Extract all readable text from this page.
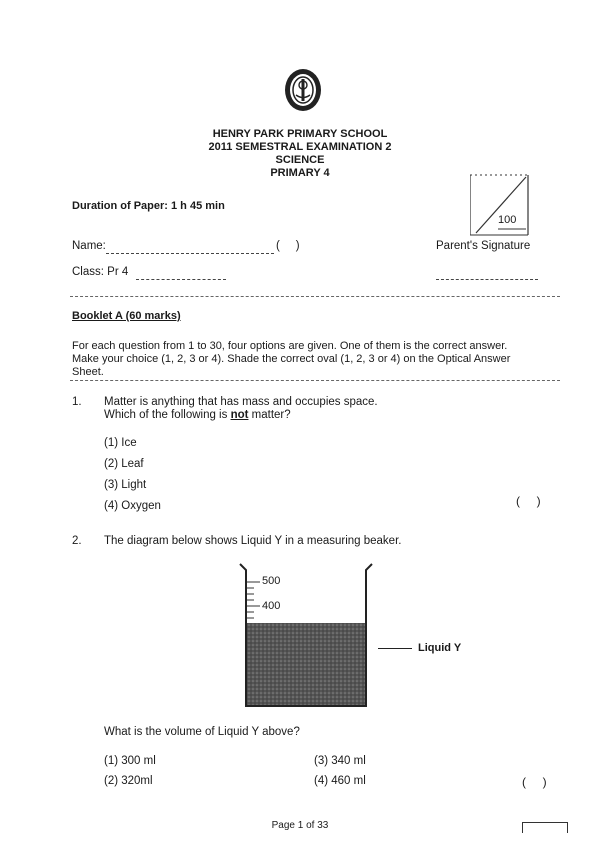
HENRY PARK PRIMARY SCHOOL
2011 SEMESTRAL EXAMINATION 2
SCIENCE
PRIMARY 4
Duration of Paper: 1 h 45 min
100
Name:	(     )	Parent's Signature
Class: Pr 4
Booklet A (60 marks)
For each question from 1 to 30, four options are given. One of them is the correct answer.
Make your choice (1, 2, 3 or 4). Shade the correct oval (1, 2, 3 or 4) on the Optical Answer
Sheet.
1. Matter is anything that has mass and occupies space.
Which of the following is not matter?
(1) Ice
(2) Leaf
(3) Light
(4) Oxygen	(     )
2. The diagram below shows Liquid Y in a measuring beaker.
500
400
Liquid Y
What is the volume of Liquid Y above?
(1) 300 ml
(2) 320ml
(3) 340 ml
(4) 460 ml	(     )
Page 1 of 33
